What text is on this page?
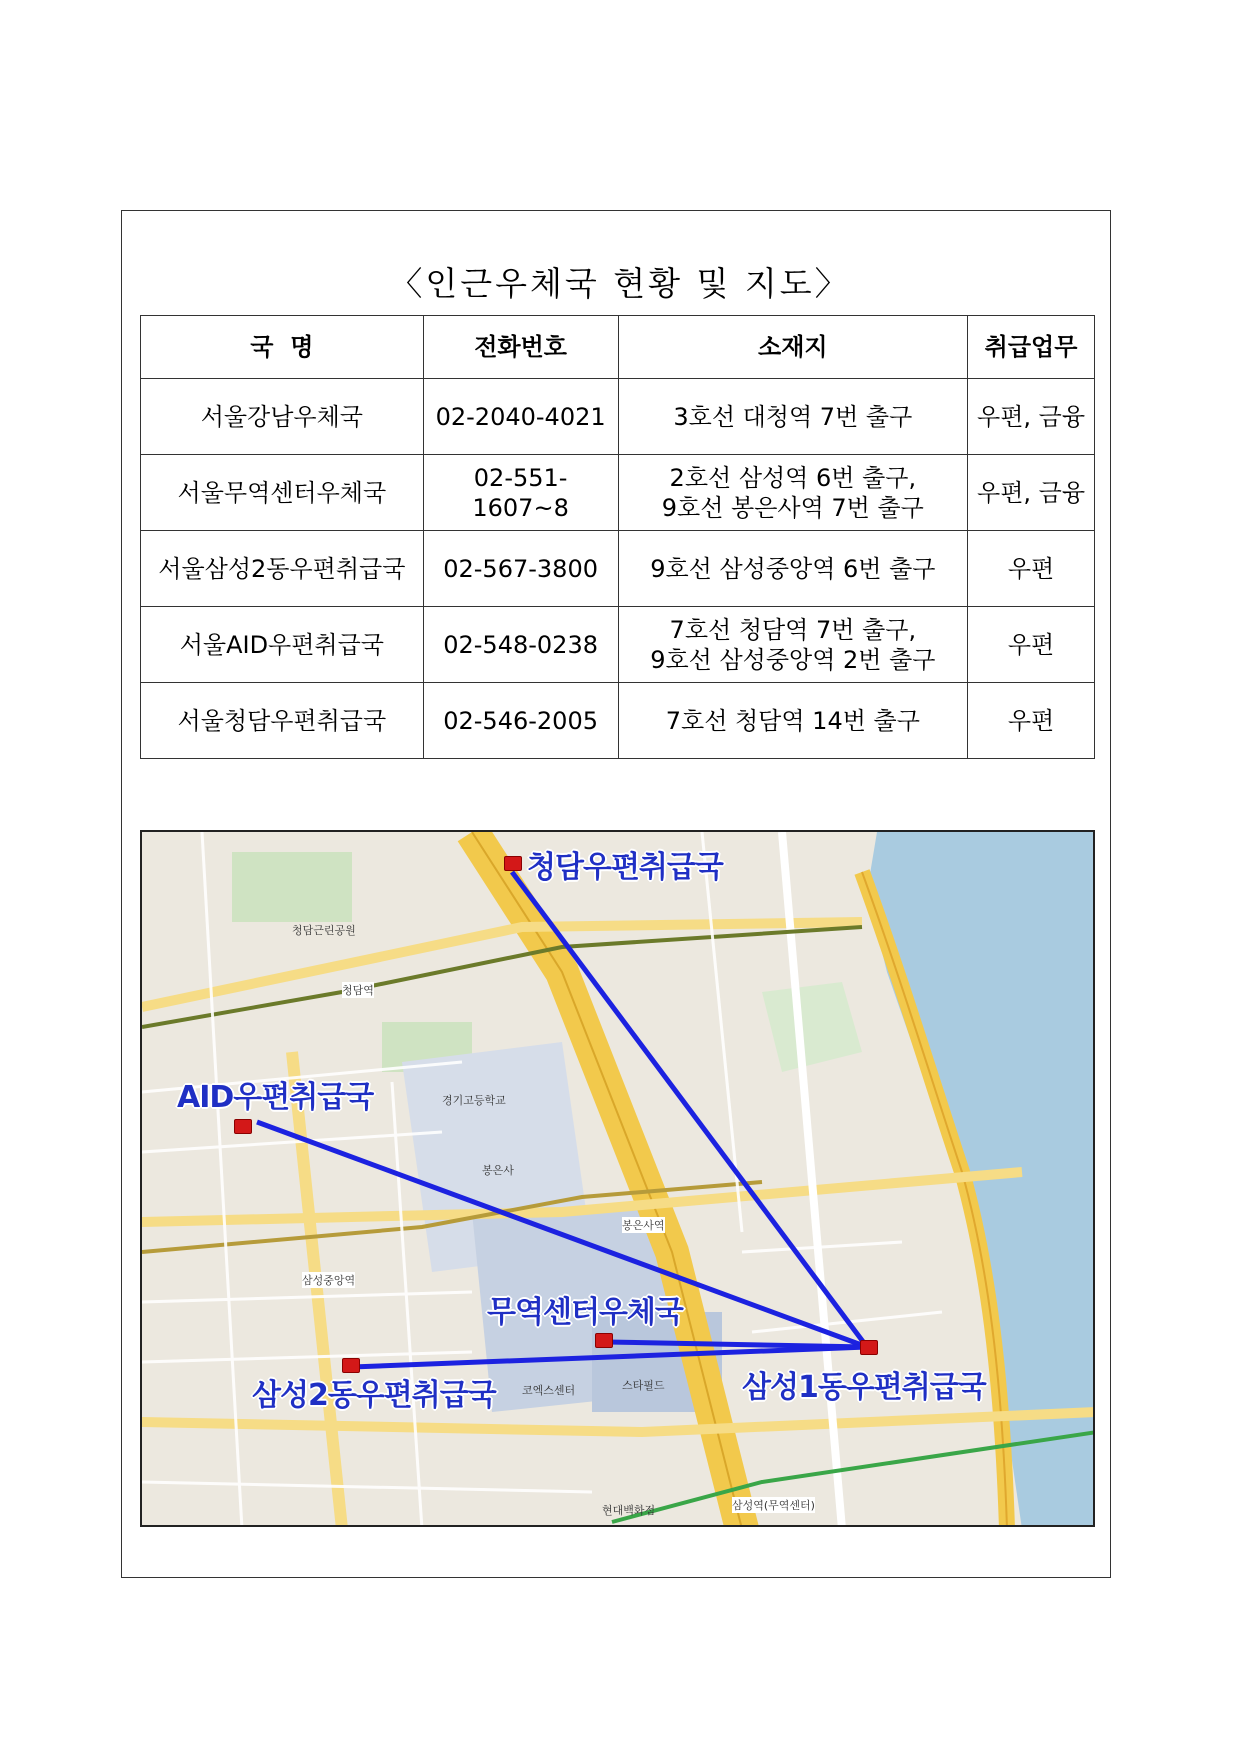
〈인근우체국 현황 및 지도〉
국  명	전화번호	소재지	취급업무
서울강남우체국	02-2040-4021	3호선 대청역 7번 출구	우편, 금융
서울무역센터우체국	02-551-1607~8	2호선 삼성역 6번 출구,
9호선 봉은사역 7번 출구	우편, 금융
서울삼성2동우편취급국	02-567-3800	9호선 삼성중앙역 6번 출구	우편
서울AID우편취급국	02-548-0238	7호선 청담역 7번 출구,
9호선 삼성중앙역 2번 출구	우편
서울청담우편취급국	02-546-2005	7호선 청담역 14번 출구	우편
청담역
봉은사역
삼성역(무역센터)
삼성중앙역
봉은사
경기고등학교
청담근린공원
스타필드
코엑스센터
현대백화점
청담우편취급국
AID우편취급국
무역센터우체국
삼성2동우편취급국	삼성1동우편취급국
